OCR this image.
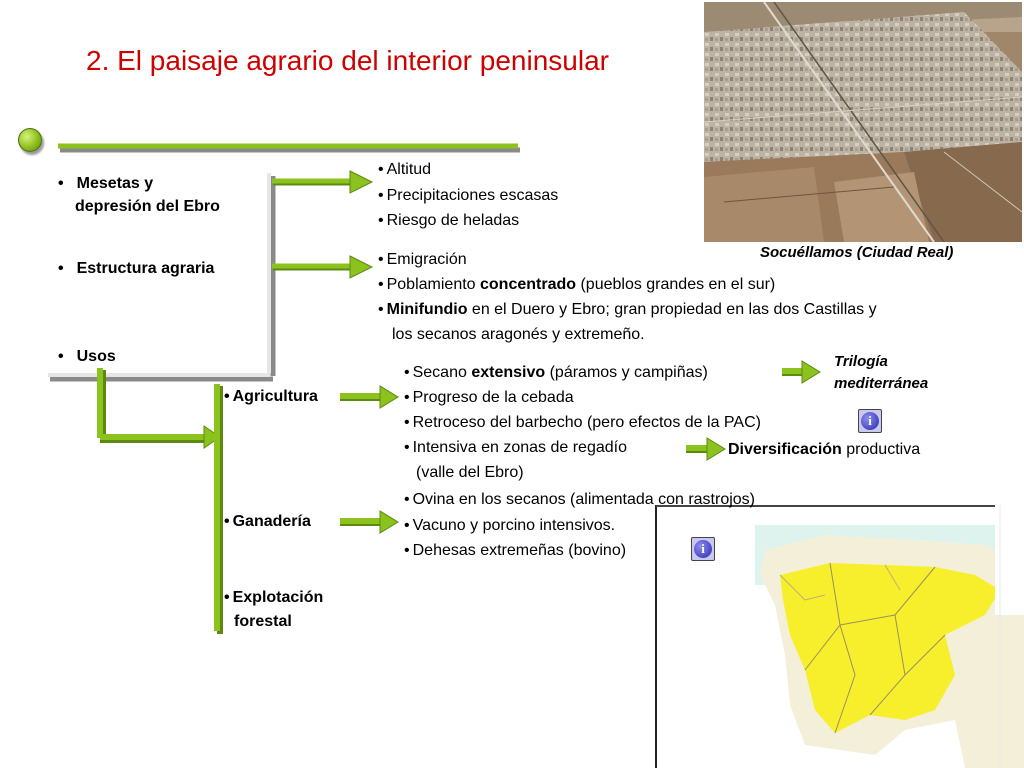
2. El paisaje agrario del interior peninsular
Socuéllamos (Ciudad Real)
• Mesetas y
depresión del Ebro
• Estructura agraria
• Usos
• Altitud
• Precipitaciones escasas
• Riesgo de heladas
• Emigración
• Poblamiento concentrado (pueblos grandes en el sur)
• Minifundio en el Duero y Ebro; gran propiedad en las dos Castillas y
los secanos aragonés y extremeño.
• Agricultura
• Ganadería
• Explotación
forestal
• Secano extensivo (páramos y campiñas)
• Progreso de la cebada
• Retroceso del barbecho (pero efectos de la PAC)
• Intensiva en zonas de regadío
(valle del Ebro)
Trilogía
mediterránea
Diversificación productiva
i
• Ovina en los secanos (alimentada con rastrojos)
• Vacuno y porcino intensivos.
• Dehesas extremeñas (bovino)	i
